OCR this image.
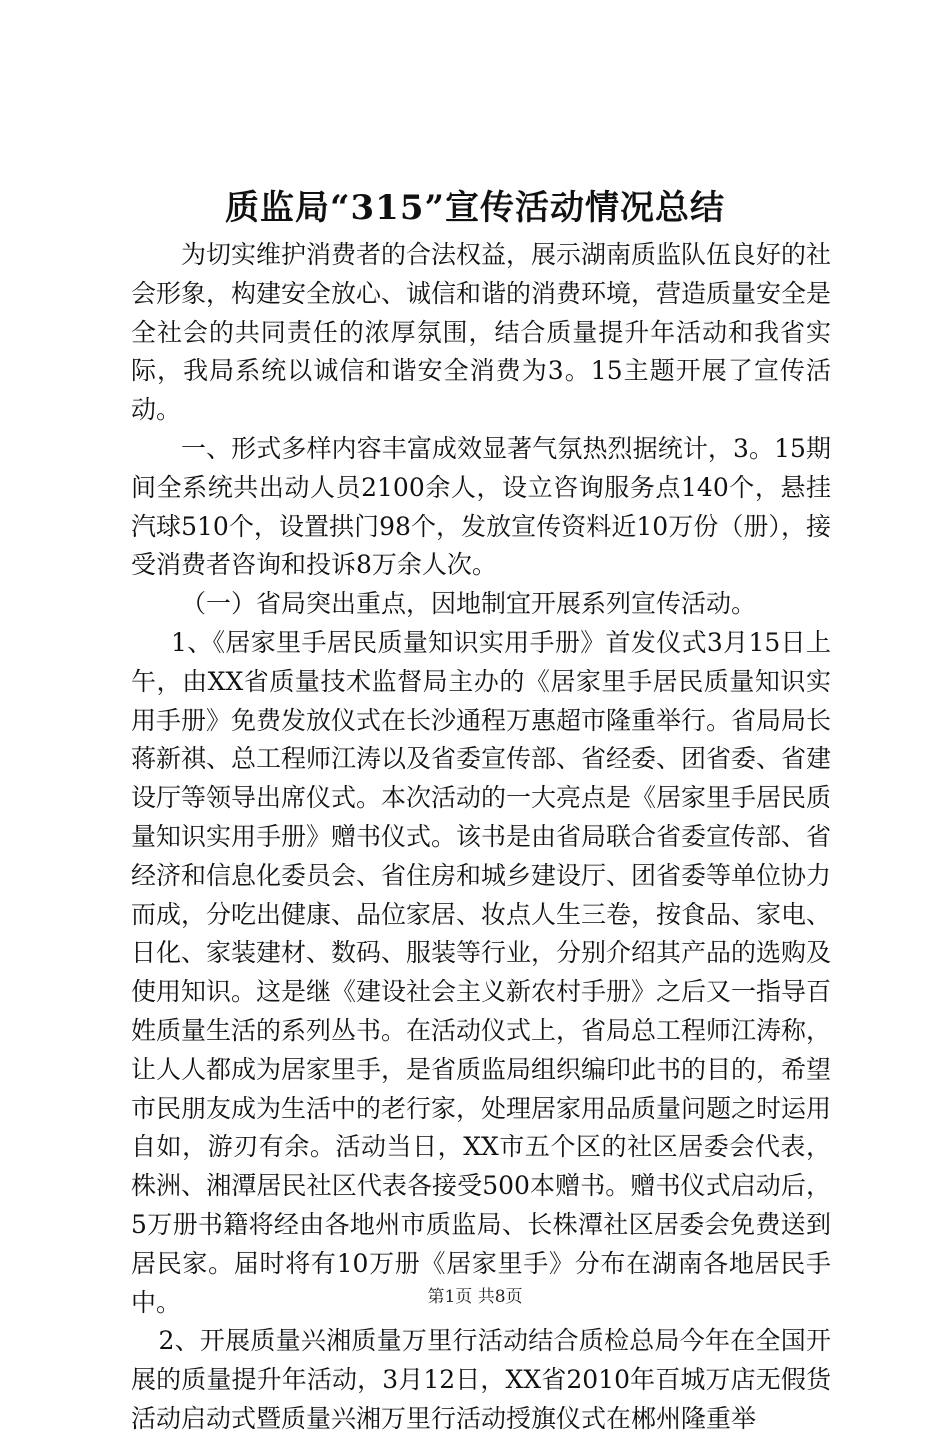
质监局“315”宣传活动情况总结

为切实维护消费者的合法权益，展示湖南质监队伍良好的社会形象，构建安全放心、诚信和谐的消费环境，营造质量安全是全社会的共同责任的浓厚氛围，结合质量提升年活动和我省实际，我局系统以诚信和谐安全消费为3。15主题开展了宣传活动。

一、形式多样内容丰富成效显著气氛热烈据统计，3。15期间全系统共出动人员2100余人，设立咨询服务点140个，悬挂汽球510个，设置拱门98个，发放宣传资料近10万份（册），接受消费者咨询和投诉8万余人次。

（一）省局突出重点，因地制宜开展系列宣传活动。

1、《居家里手居民质量知识实用手册》首发仪式3月15日上午，由XX省质量技术监督局主办的《居家里手居民质量知识实用手册》免费发放仪式在长沙通程万惠超市隆重举行。省局局长蒋新祺、总工程师江涛以及省委宣传部、省经委、团省委、省建设厅等领导出席仪式。本次活动的一大亮点是《居家里手居民质量知识实用手册》赠书仪式。该书是由省局联合省委宣传部、省经济和信息化委员会、省住房和城乡建设厅、团省委等单位协力而成，分吃出健康、品位家居、妆点人生三卷，按食品、家电、日化、家装建材、数码、服装等行业，分别介绍其产品的选购及使用知识。这是继《建设社会主义新农村手册》之后又一指导百姓质量生活的系列丛书。在活动仪式上，省局总工程师江涛称，让人人都成为居家里手，是省质监局组织编印此书的目的，希望市民朋友成为生活中的老行家，处理居家用品质量问题之时运用自如，游刃有余。活动当日，XX市五个区的社区居委会代表，株洲、湘潭居民社区代表各接受500本赠书。赠书仪式启动后，5万册书籍将经由各地州市质监局、长株潭社区居委会免费送到居民家。届时将有10万册《居家里手》分布在湖南各地居民手中。

2、开展质量兴湘质量万里行活动结合质检总局今年在全国开展的质量提升年活动，3月12日，XX省2010年百城万店无假货活动启动式暨质量兴湘万里行活动授旗仪式在郴州隆重举

第1页 共8页
